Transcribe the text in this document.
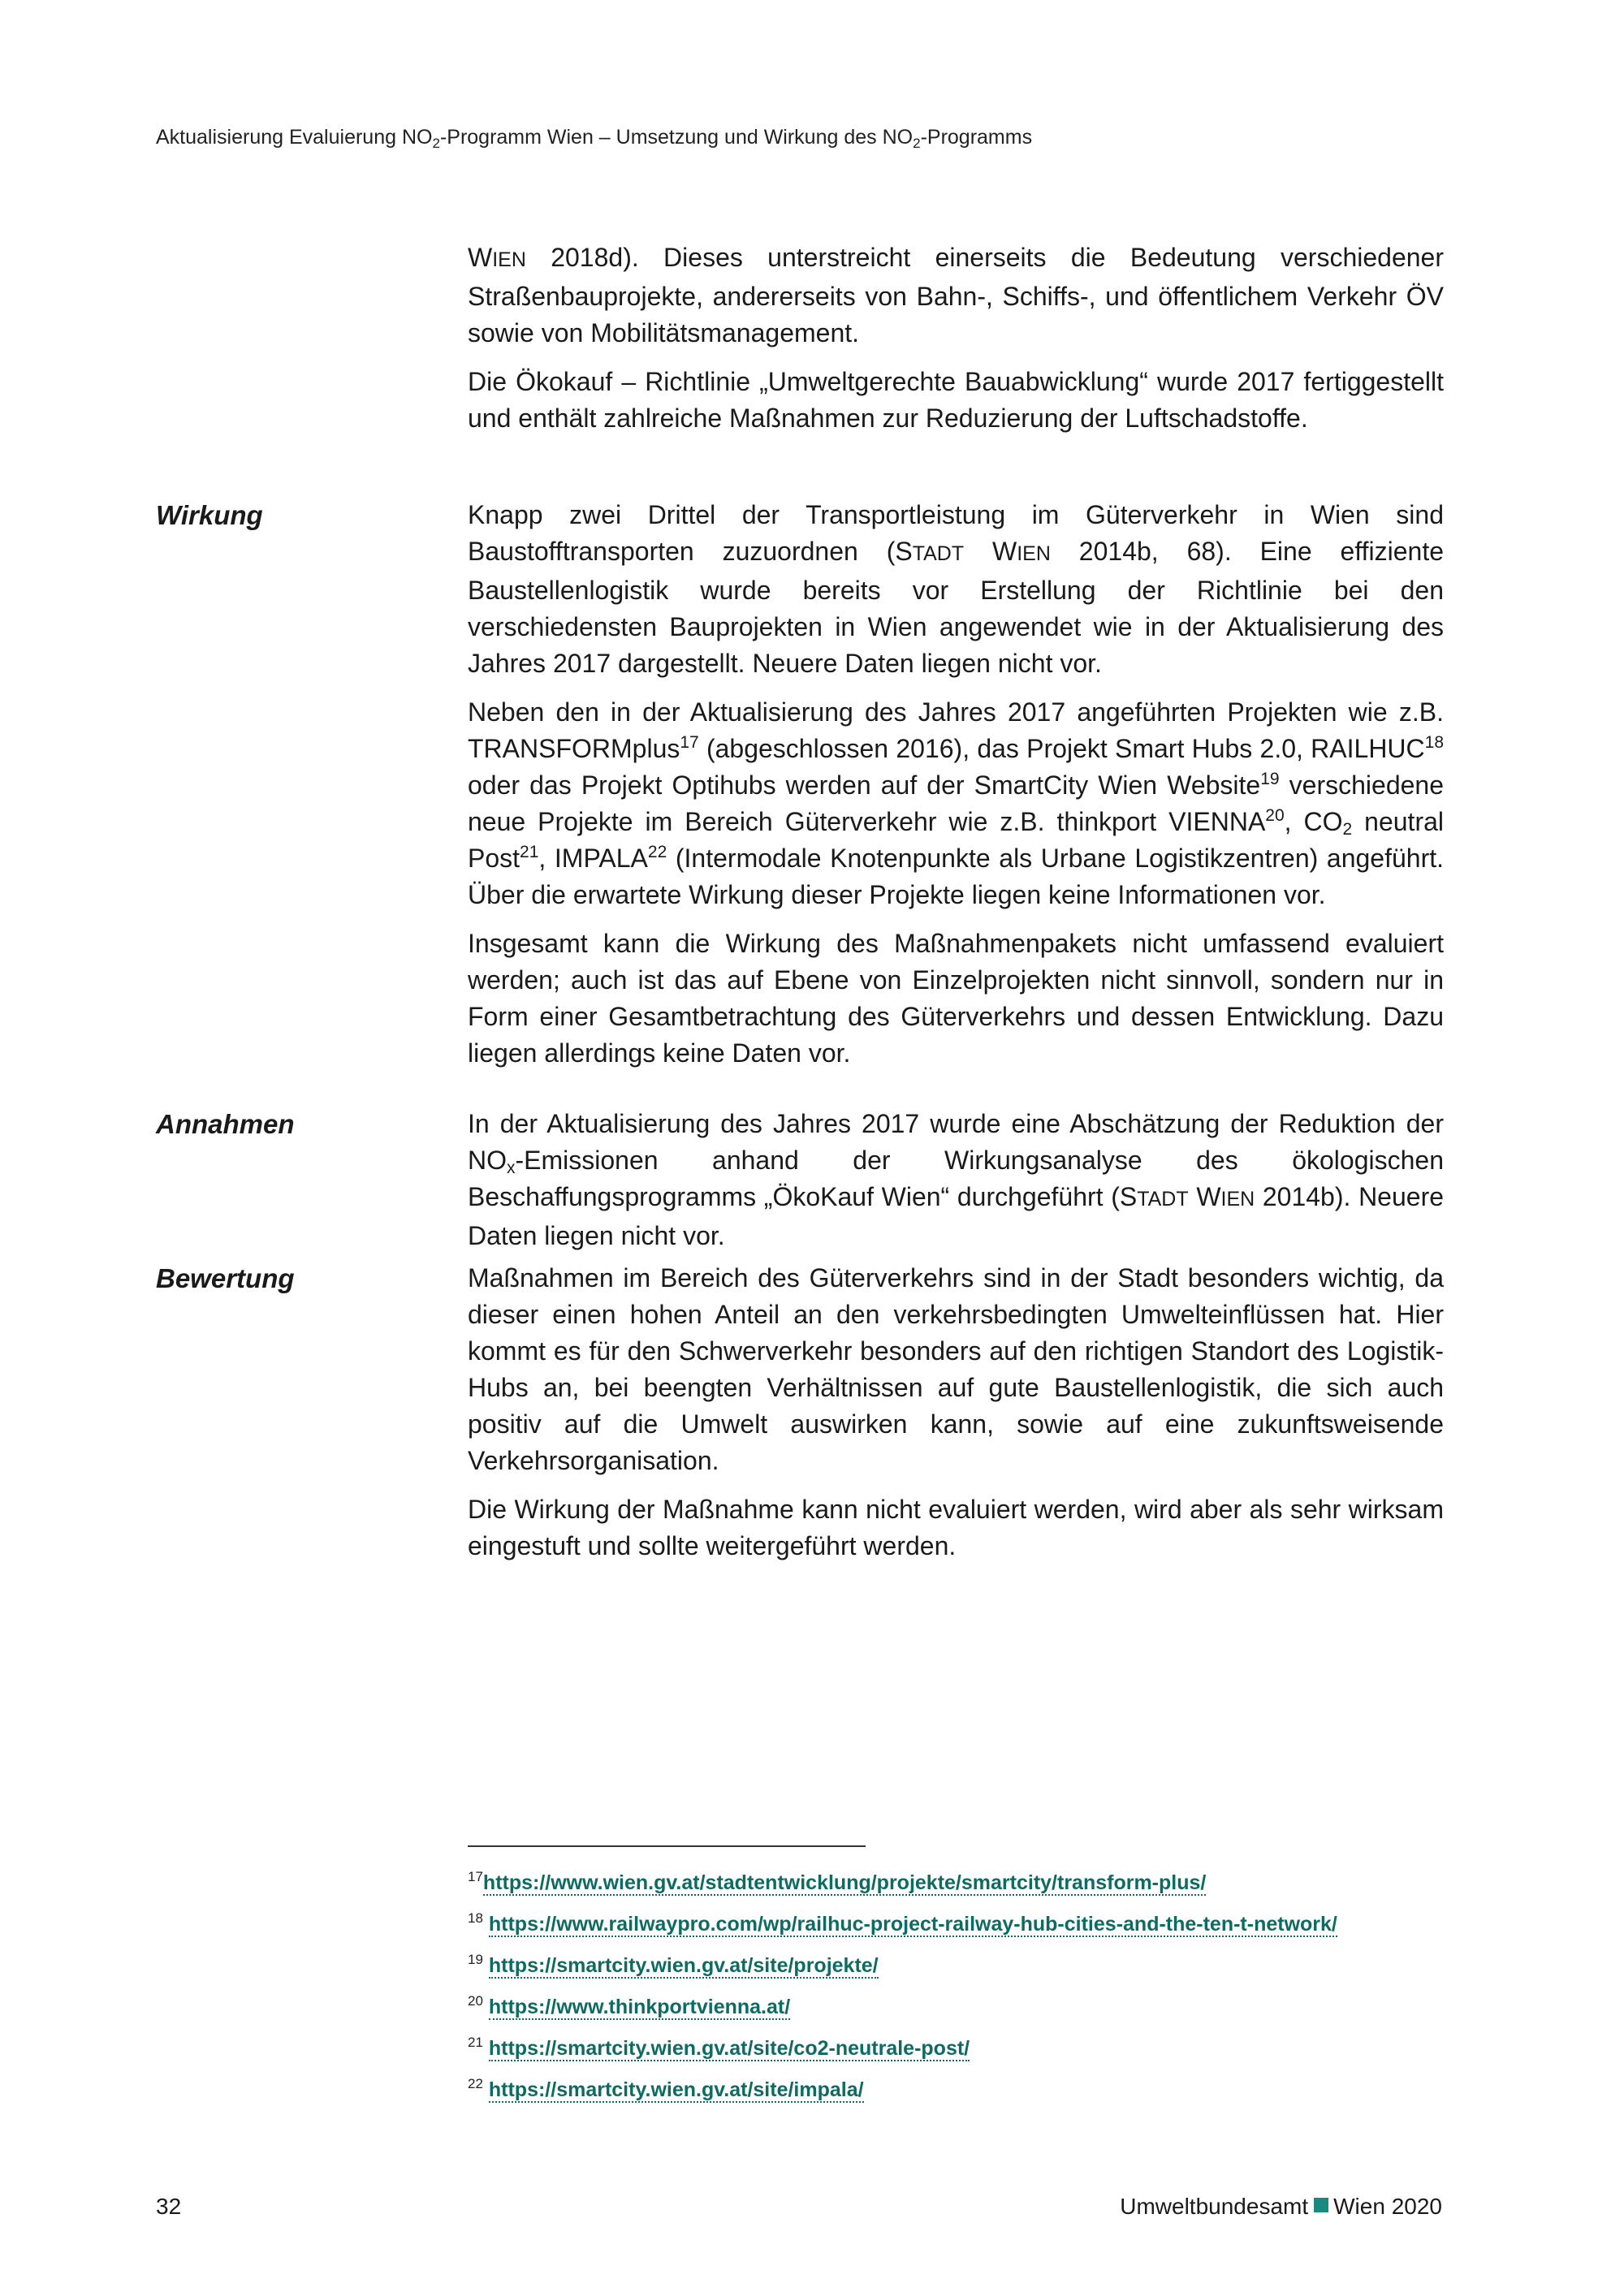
Aktualisierung Evaluierung $NO_2$-Programm Wien – Umsetzung und Wirkung des $NO_2$-Programms

WIEN 2018d). Dieses unterstreicht einerseits die Bedeutung verschiedener Straßenbauprojekte, andererseits von Bahn-, Schiffs-, und öffentlichem Verkehr ÖV sowie von Mobilitätsmanagement.

Die Ökokauf – Richtlinie „Umweltgerechte Bauabwicklung“ wurde 2017 fertiggestellt und enthält zahlreiche Maßnahmen zur Reduzierung der Luftschadstoffe.

Wirkung	Knapp zwei Drittel der Transportleistung im Güterverkehr in Wien sind Baustofftransporten zuzuordnen (STADT WIEN 2014b, 68). Eine effiziente Baustellenlogistik wurde bereits vor Erstellung der Richtlinie bei den verschiedensten Bauprojekten in Wien angewendet wie in der Aktualisierung des Jahres 2017 dargestellt. Neuere Daten liegen nicht vor.

Neben den in der Aktualisierung des Jahres 2017 angeführten Projekten wie z.B. TRANSFORMplus$^{17}$ (abgeschlossen 2016), das Projekt Smart Hubs 2.0, RAILHUC$^{18}$ oder das Projekt Optihubs werden auf der SmartCity Wien Website$^{19}$ verschiedene neue Projekte im Bereich Güterverkehr wie z.B. thinkport VIENNA$^{20}$, $CO_2$ neutral Post$^{21}$, IMPALA$^{22}$ (Intermodale Knotenpunkte als Urbane Logistikzentren) angeführt. Über die erwartete Wirkung dieser Projekte liegen keine Informationen vor.

Insgesamt kann die Wirkung des Maßnahmenpakets nicht umfassend evaluiert werden; auch ist das auf Ebene von Einzelprojekten nicht sinnvoll, sondern nur in Form einer Gesamtbetrachtung des Güterverkehrs und dessen Entwicklung. Dazu liegen allerdings keine Daten vor.

Annahmen	In der Aktualisierung des Jahres 2017 wurde eine Abschätzung der Reduktion der $NO_x$-Emissionen anhand der Wirkungsanalyse des ökologischen Beschaffungsprogramms „ÖkoKauf Wien“ durchgeführt (STADT WIEN 2014b). Neuere Daten liegen nicht vor.

Bewertung	Maßnahmen im Bereich des Güterverkehrs sind in der Stadt besonders wichtig, da dieser einen hohen Anteil an den verkehrsbedingten Umwelteinflüssen hat. Hier kommt es für den Schwerverkehr besonders auf den richtigen Standort des Logistik-Hubs an, bei beengten Verhältnissen auf gute Baustellenlogistik, die sich auch positiv auf die Umwelt auswirken kann, sowie auf eine zukunftsweisende Verkehrsorganisation.

Die Wirkung der Maßnahme kann nicht evaluiert werden, wird aber als sehr wirksam eingestuft und sollte weitergeführt werden.

$^{17}$https://www.wien.gv.at/stadtentwicklung/projekte/smartcity/transform-plus/
$^{18}$ https://www.railwaypro.com/wp/railhuc-project-railway-hub-cities-and-the-ten-t-network/
$^{19}$ https://smartcity.wien.gv.at/site/projekte/
$^{20}$ https://www.thinkportvienna.at/
$^{21}$ https://smartcity.wien.gv.at/site/co2-neutrale-post/
$^{22}$ https://smartcity.wien.gv.at/site/impala/
32	Umweltbundesamt Wien 2020
